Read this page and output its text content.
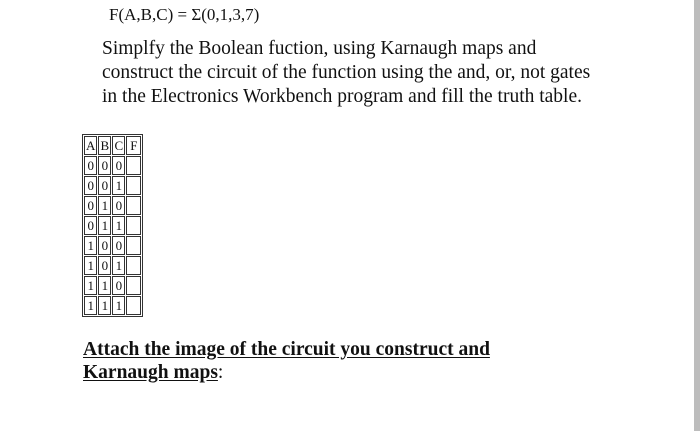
F(A,B,C) = Σ(0,1,3,7)
Simplfy the Boolean fuction, using Karnaugh maps and construct the circuit of the function using the and, or, not gates in the Electronics Workbench program and fill the truth table.
A	B	C	F
0	0	0	
0	0	1	
0	1	0	
0	1	1	
1	0	0	
1	0	1	
1	1	0	
1	1	1	
Attach the image of the circuit you construct and
Karnaugh maps:
